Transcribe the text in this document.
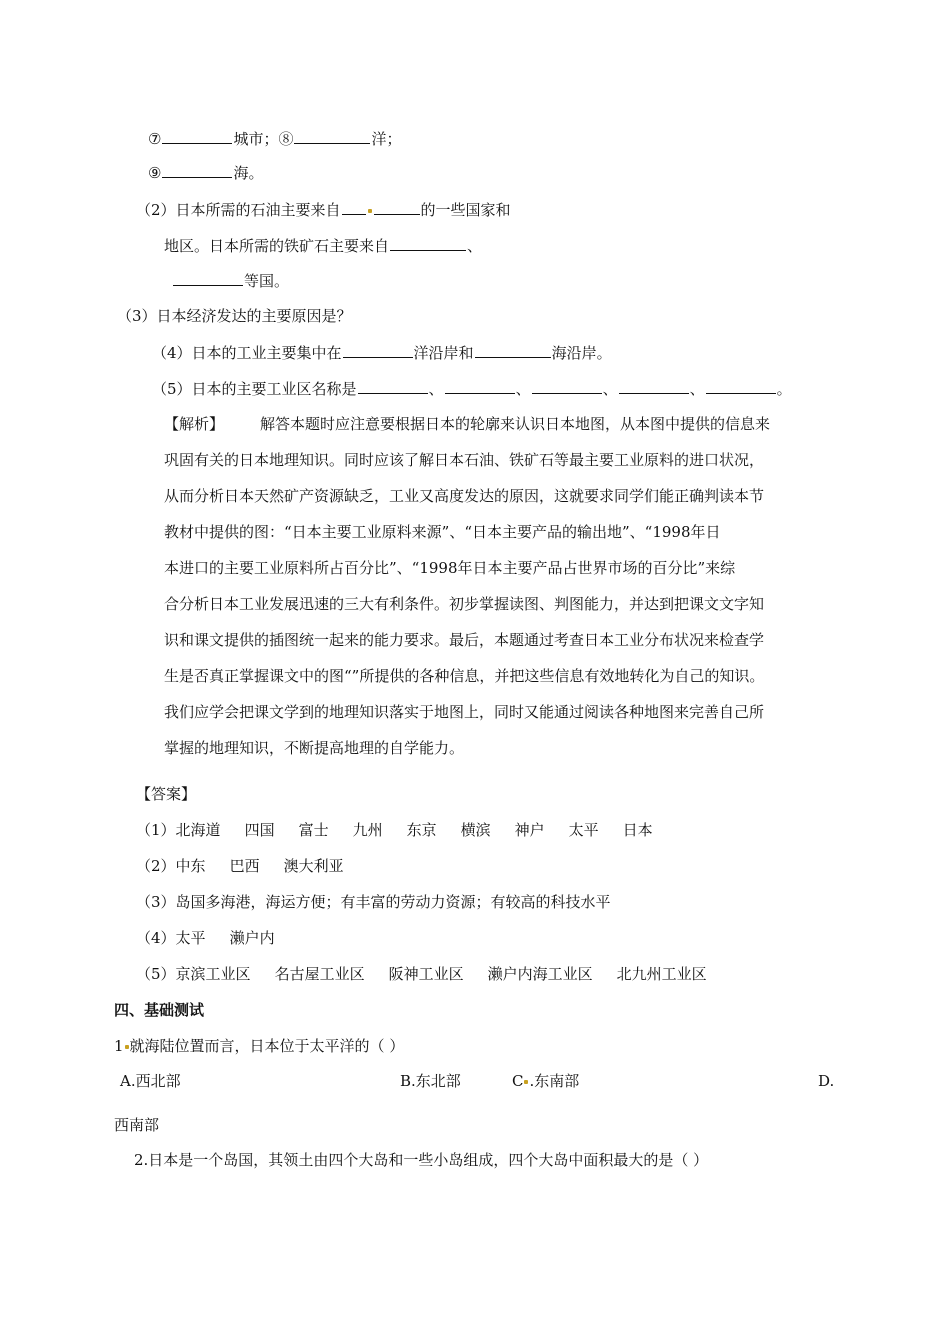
⑦	城市；⑧	洋；
⑨	海。
（2）日本所需的石油主要来自	的一些国家和
地区。日本所需的铁矿石主要来自	、
等国。
（3）日本经济发达的主要原因是？
（4）日本的工业主要集中在	洋沿岸和	海沿岸。
（5）日本的主要工业区名称是	、	、	、	、	。
【解析】 解答本题时应注意要根据日本的轮廓来认识日本地图，从本图中提供的信息来
巩固有关的日本地理知识。同时应该了解日本石油、铁矿石等最主要工业原料的进口状况，
从而分析日本天然矿产资源缺乏，工业又高度发达的原因，这就要求同学们能正确判读本节
教材中提供的图：“日本主要工业原料来源”、“日本主要产品的输出地”、“1998年日
本进口的主要工业原料所占百分比”、“1998年日本主要产品占世界市场的百分比”来综
合分析日本工业发展迅速的三大有利条件。初步掌握读图、判图能力，并达到把课文文字知
识和课文提供的插图统一起来的能力要求。最后，本题通过考查日本工业分布状况来检查学
生是否真正掌握课文中的图“”所提供的各种信息，并把这些信息有效地转化为自己的知识。
我们应学会把课文学到的地理知识落实于地图上，同时又能通过阅读各种地图来完善自己所
掌握的地理知识，不断提高地理的自学能力。
【答案】
（1）北海道 四国 富士 九州 东京 横滨 神户 太平 日本
（2）中东 巴西 澳大利亚
（3）岛国多海港，海运方便；有丰富的劳动力资源；有较高的科技水平
（4）太平 濑户内
（5）京滨工业区 名古屋工业区 阪神工业区 濑户内海工业区 北九州工业区
四、基础测试
1 就海陆位置而言，日本位于太平洋的（ ）
A.西北部	B.东北部	C .东南部	D.
西南部
2.日本是一个岛国，其领土由四个大岛和一些小岛组成，四个大岛中面积最大的是（ ）
